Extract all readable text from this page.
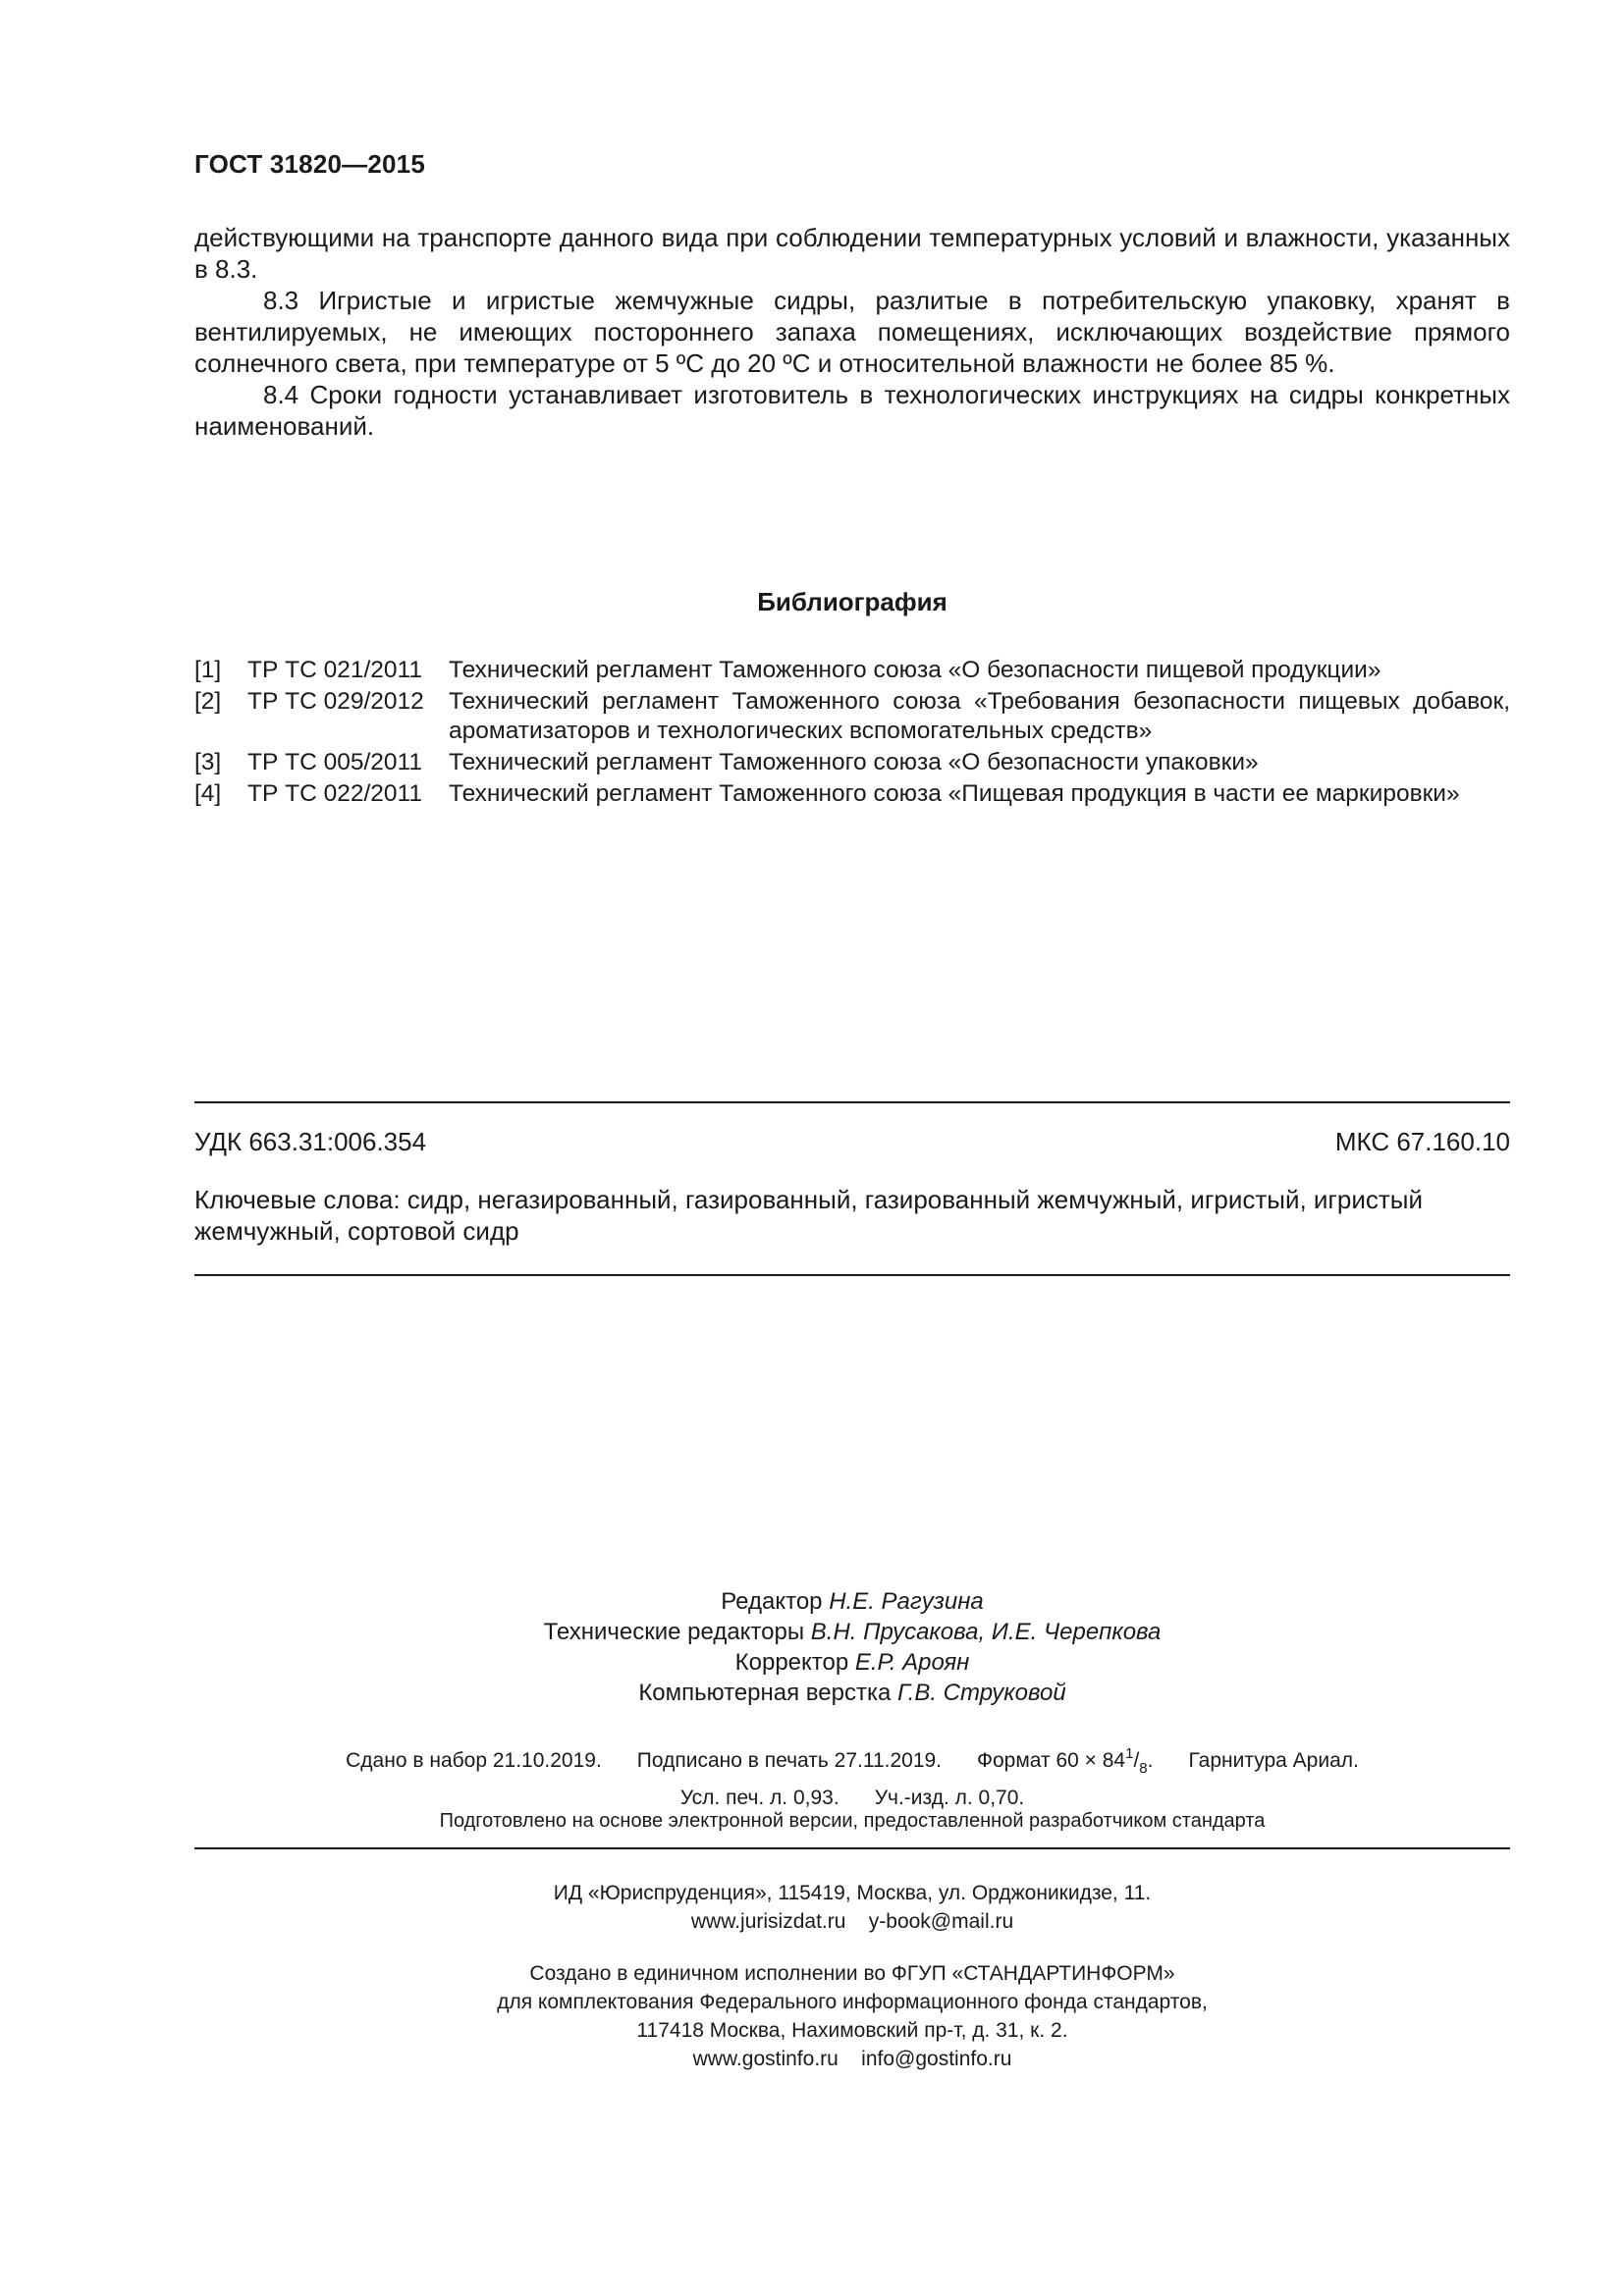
ГОСТ 31820—2015

действующими на транспорте данного вида при соблюдении температурных условий и влажности, указанных в 8.3.

8.3 Игристые и игристые жемчужные сидры, разлитые в потребительскую упаковку, хранят в вентилируемых, не имеющих постороннего запаха помещениях, исключающих воздействие прямого солнечного света, при температуре от 5 ºС до 20 ºС и относительной влажности не более 85 %.

8.4 Сроки годности устанавливает изготовитель в технологических инструкциях на сидры конкретных наименований.

Библиография
[1]	ТР ТС 021/2011	Технический регламент Таможенного союза «О безопасности пищевой продукции»
[2]	ТР ТС 029/2012	Технический регламент Таможенного союза «Требования безопасности пищевых добавок, ароматизаторов и технологических вспомогательных средств»
[3]	ТР ТС 005/2011	Технический регламент Таможенного союза «О безопасности упаковки»
[4]	ТР ТС 022/2011	Технический регламент Таможенного союза «Пищевая продукция в части ее маркировки»
УДК 663.31:006.354	МКС 67.160.10
Ключевые слова: сидр, негазированный, газированный, газированный жемчужный, игристый, игристый жемчужный, сортовой сидр
Редактор Н.Е. Рагузина
Технические редакторы В.Н. Прусакова, И.Е. Черепкова
Корректор Е.Р. Ароян
Компьютерная верстка Г.В. Струковой
Сдано в набор 21.10.2019. Подписано в печать 27.11.2019. Формат $60 \times 84^1/_8$. Гарнитура Ариал.
Усл. печ. л. 0,93. Уч.-изд. л. 0,70.
Подготовлено на основе электронной версии, предоставленной разработчиком стандарта
ИД «Юриспруденция», 115419, Москва, ул. Орджоникидзе, 11.
www.jurisizdat.ru y-book@mail.ru
Создано в единичном исполнении во ФГУП «СТАНДАРТИНФОРМ»
для комплектования Федерального информационного фонда стандартов,
117418 Москва, Нахимовский пр-т, д. 31, к. 2.
www.gostinfo.ru info@gostinfo.ru
